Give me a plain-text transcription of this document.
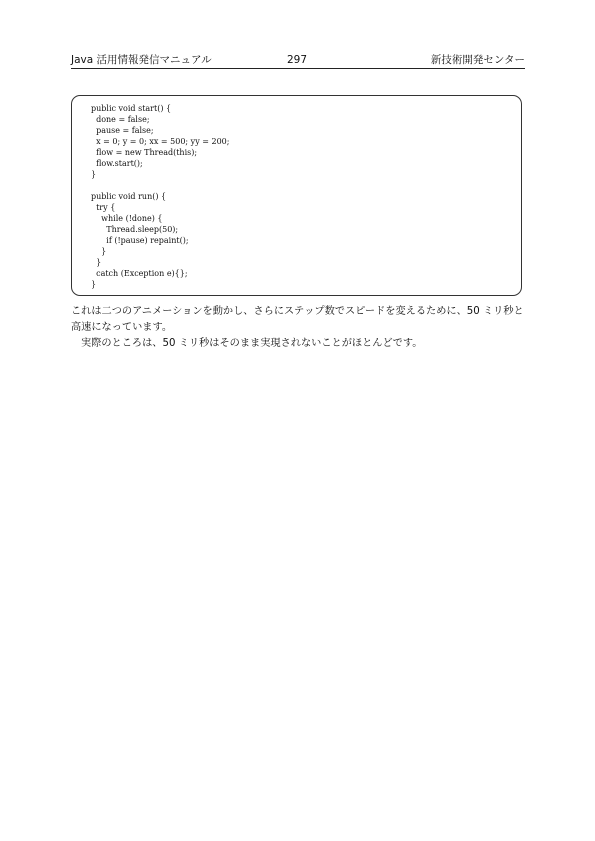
Java 活用情報発信マニュアル	297	新技術開発センター
public void start() {
done = false;
pause = false;
x = 0; y = 0; xx = 500; yy = 200;
flow = new Thread(this);
flow.start();
}
public void run() {
try {
while (!done) {
Thread.sleep(50);
if (!pause) repaint();
}
}
catch (Exception e){};
}

これは二つのアニメーションを動かし、さらにステップ数でスピードを変えるために、50 ミリ秒と高速になっています。

実際のところは、50 ミリ秒はそのまま実現されないことがほとんどです。
